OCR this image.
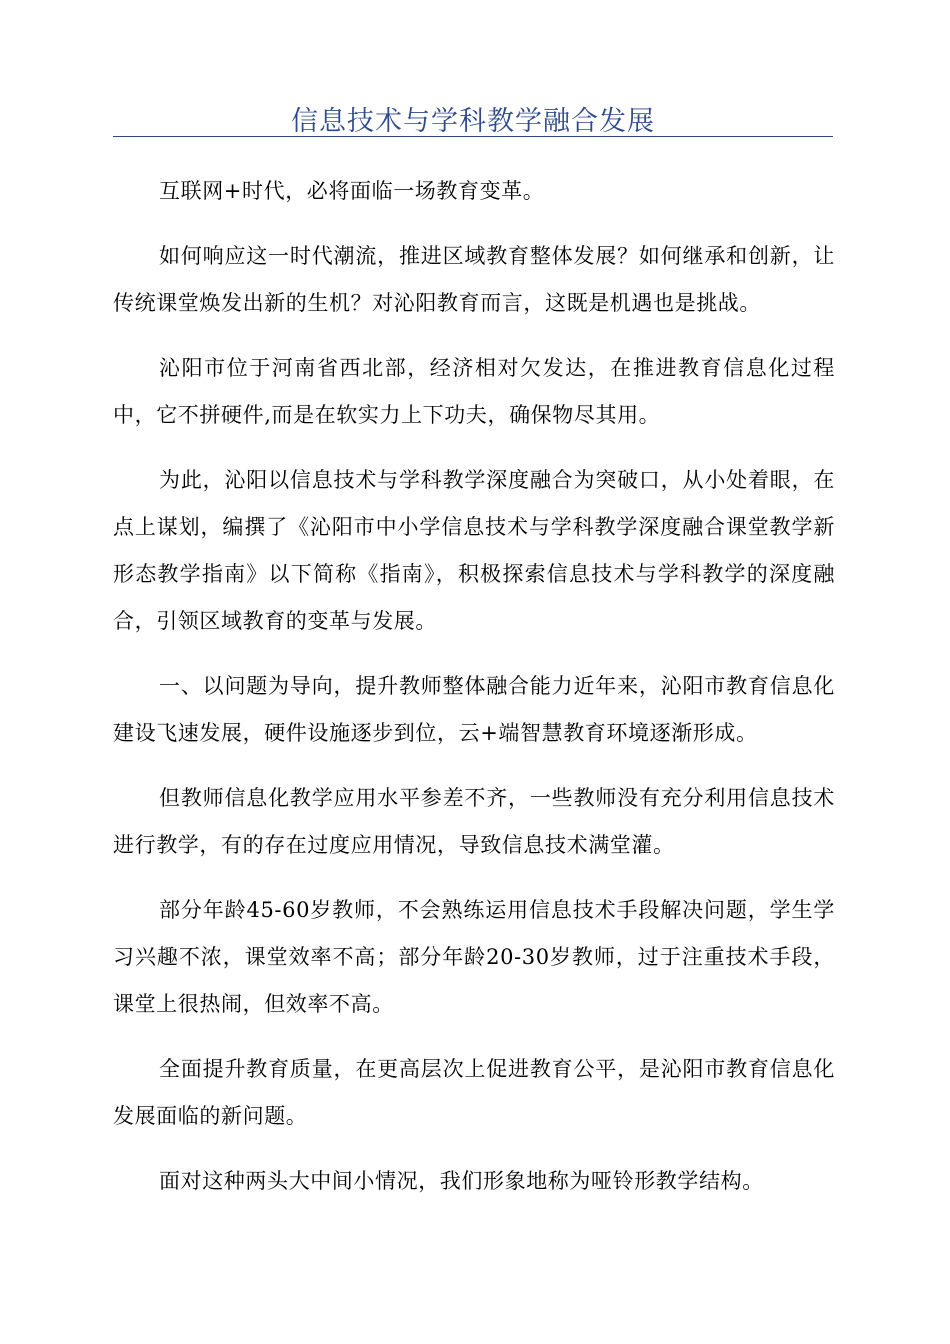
信息技术与学科教学融合发展

互联网+时代，必将面临一场教育变革。

如何响应这一时代潮流，推进区域教育整体发展？如何继承和创新，让传统课堂焕发出新的生机？对沁阳教育而言，这既是机遇也是挑战。

沁阳市位于河南省西北部，经济相对欠发达，在推进教育信息化过程中，它不拼硬件,而是在软实力上下功夫，确保物尽其用。

为此，沁阳以信息技术与学科教学深度融合为突破口，从小处着眼，在点上谋划，编撰了《沁阳市中小学信息技术与学科教学深度融合课堂教学新形态教学指南》以下简称《指南》，积极探索信息技术与学科教学的深度融合，引领区域教育的变革与发展。

一、以问题为导向，提升教师整体融合能力近年来，沁阳市教育信息化建设飞速发展，硬件设施逐步到位，云+端智慧教育环境逐渐形成。

但教师信息化教学应用水平参差不齐，一些教师没有充分利用信息技术进行教学，有的存在过度应用情况，导致信息技术满堂灌。

部分年龄45-60岁教师，不会熟练运用信息技术手段解决问题，学生学习兴趣不浓，课堂效率不高；部分年龄20-30岁教师，过于注重技术手段，课堂上很热闹，但效率不高。

全面提升教育质量，在更高层次上促进教育公平，是沁阳市教育信息化发展面临的新问题。

面对这种两头大中间小情况，我们形象地称为哑铃形教学结构。
